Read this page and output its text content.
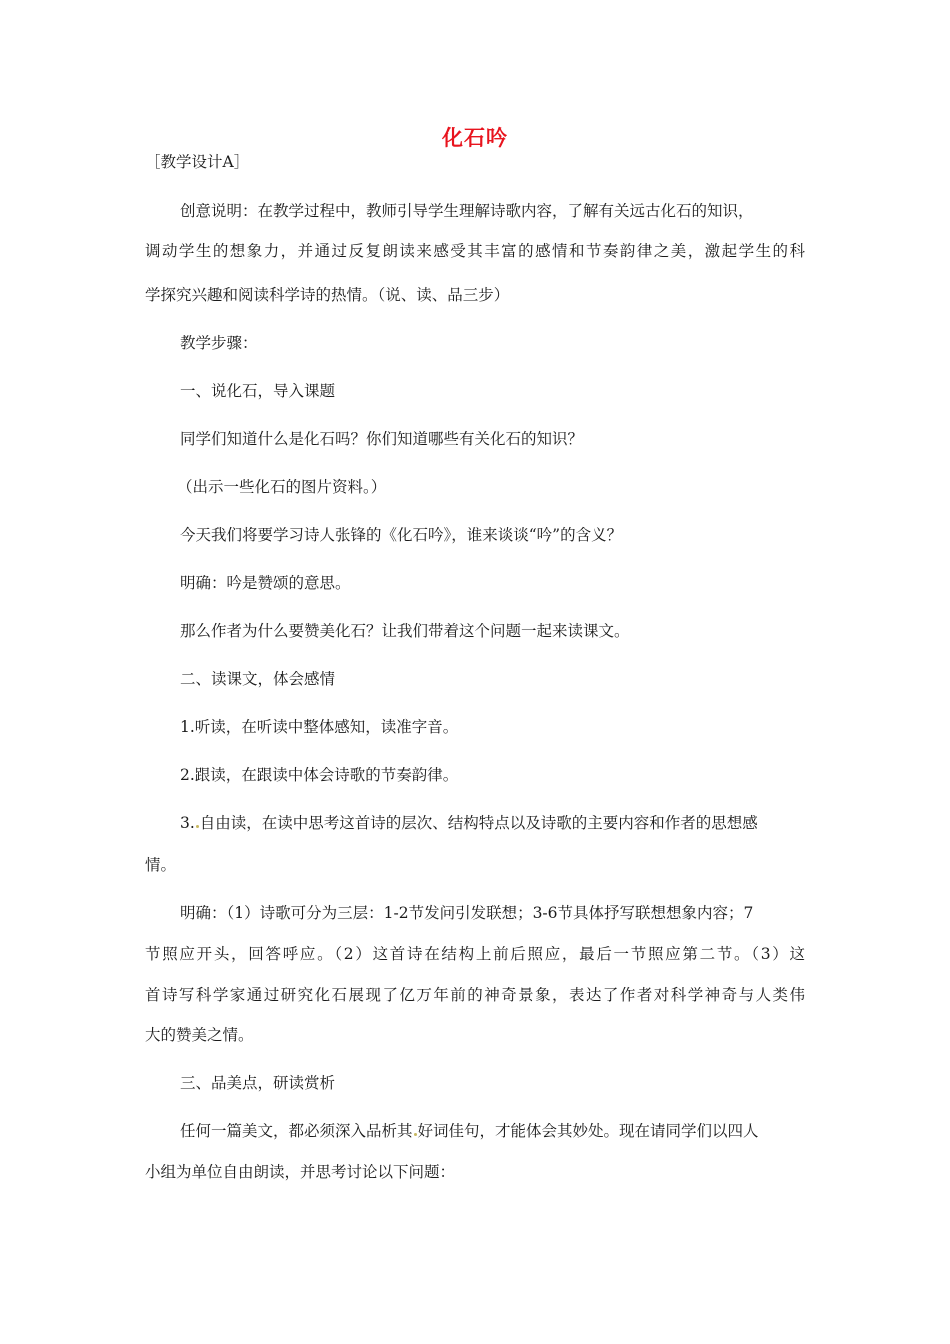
化石吟
［教学设计A］
创意说明：在教学过程中，教师引导学生理解诗歌内容，了解有关远古化石的知识，
调动学生的想象力，并通过反复朗读来感受其丰富的感情和节奏韵律之美，激起学生的科
学探究兴趣和阅读科学诗的热情。（说、读、品三步）
教学步骤：
一、说化石，导入课题
同学们知道什么是化石吗？你们知道哪些有关化石的知识？
（出示一些化石的图片资料。）
今天我们将要学习诗人张锋的《化石吟》，谁来谈谈“吟”的含义？
明确：吟是赞颂的意思。
那么作者为什么要赞美化石？让我们带着这个问题一起来读课文。
二、读课文，体会感情
1.听读，在听读中整体感知，读准字音。
2.跟读，在跟读中体会诗歌的节奏韵律。
3. 自由读，在读中思考这首诗的层次、结构特点以及诗歌的主要内容和作者的思想感
情。
明确：（1）诗歌可分为三层：1-2节发问引发联想；3-6节具体抒写联想想象内容；7
节照应开头，回答呼应。（2）这首诗在结构上前后照应，最后一节照应第二节。（3）这
首诗写科学家通过研究化石展现了亿万年前的神奇景象，表达了作者对科学神奇与人类伟
大的赞美之情。
三、品美点，研读赏析
任何一篇美文，都必须深入品析其 好词佳句，才能体会其妙处。现在请同学们以四人
小组为单位自由朗读，并思考讨论以下问题：
